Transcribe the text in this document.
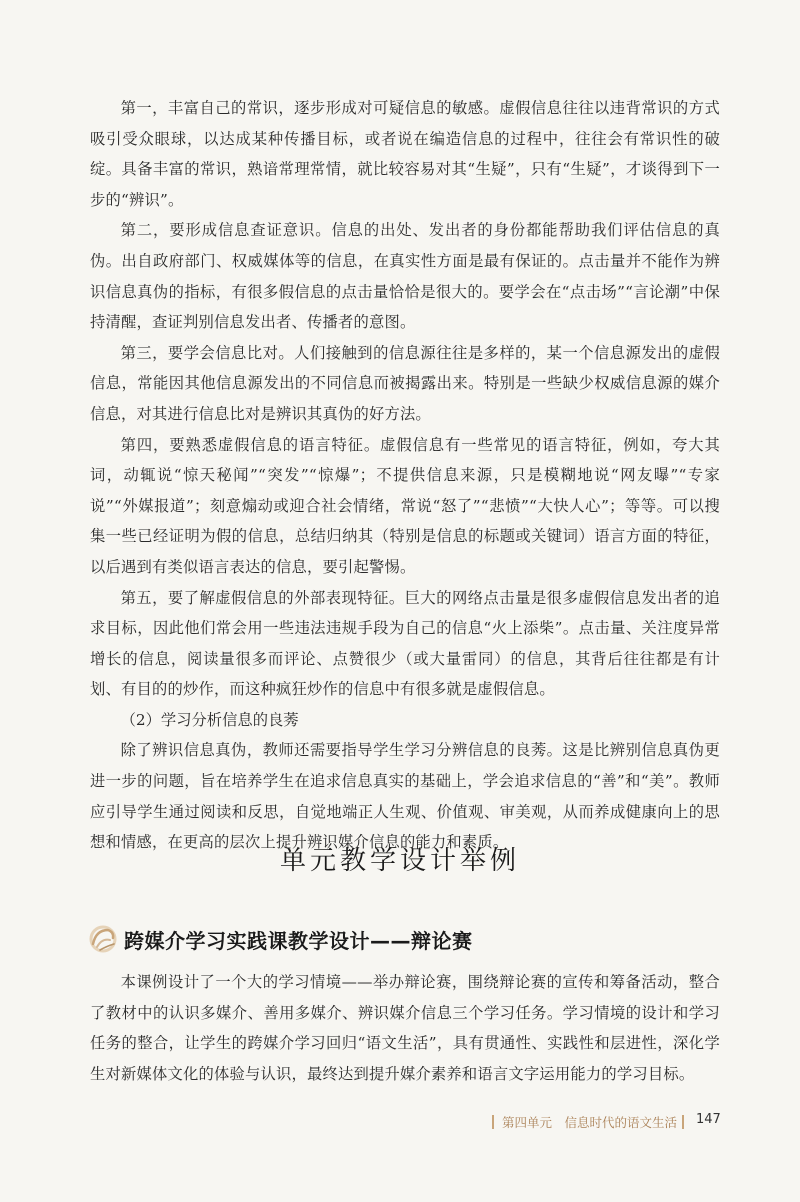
第一，丰富自己的常识，逐步形成对可疑信息的敏感。虚假信息往往以违背常识的方式吸引受众眼球，以达成某种传播目标，或者说在编造信息的过程中，往往会有常识性的破绽。具备丰富的常识，熟谙常理常情，就比较容易对其“生疑”，只有“生疑”，才谈得到下一步的“辨识”。

第二，要形成信息查证意识。信息的出处、发出者的身份都能帮助我们评估信息的真伪。出自政府部门、权威媒体等的信息，在真实性方面是最有保证的。点击量并不能作为辨识信息真伪的指标，有很多假信息的点击量恰恰是很大的。要学会在“点击场”“言论潮”中保持清醒，查证判别信息发出者、传播者的意图。

第三，要学会信息比对。人们接触到的信息源往往是多样的，某一个信息源发出的虚假信息，常能因其他信息源发出的不同信息而被揭露出来。特别是一些缺少权威信息源的媒介信息，对其进行信息比对是辨识其真伪的好方法。

第四，要熟悉虚假信息的语言特征。虚假信息有一些常见的语言特征，例如，夸大其词，动辄说“惊天秘闻”“突发”“惊爆”；不提供信息来源，只是模糊地说“网友曝”“专家说”“外媒报道”；刻意煽动或迎合社会情绪，常说“怒了”“悲愤”“大快人心”；等等。可以搜集一些已经证明为假的信息，总结归纳其（特别是信息的标题或关键词）语言方面的特征，以后遇到有类似语言表达的信息，要引起警惕。

第五，要了解虚假信息的外部表现特征。巨大的网络点击量是很多虚假信息发出者的追求目标，因此他们常会用一些违法违规手段为自己的信息“火上添柴”。点击量、关注度异常增长的信息，阅读量很多而评论、点赞很少（或大量雷同）的信息，其背后往往都是有计划、有目的的炒作，而这种疯狂炒作的信息中有很多就是虚假信息。

（2）学习分析信息的良莠

除了辨识信息真伪，教师还需要指导学生学习分辨信息的良莠。这是比辨别信息真伪更进一步的问题，旨在培养学生在追求信息真实的基础上，学会追求信息的“善”和“美”。教师应引导学生通过阅读和反思，自觉地端正人生观、价值观、审美观，从而养成健康向上的思想和情感，在更高的层次上提升辨识媒介信息的能力和素质。

单元教学设计举例
跨媒介学习实践课教学设计——辩论赛

本课例设计了一个大的学习情境——举办辩论赛，围绕辩论赛的宣传和筹备活动，整合了教材中的认识多媒介、善用多媒介、辨识媒介信息三个学习任务。学习情境的设计和学习任务的整合，让学生的跨媒介学习回归“语文生活”，具有贯通性、实践性和层进性，深化学生对新媒体文化的体验与认识，最终达到提升媒介素养和语言文字运用能力的学习目标。

第四单元　信息时代的语文生活 147
